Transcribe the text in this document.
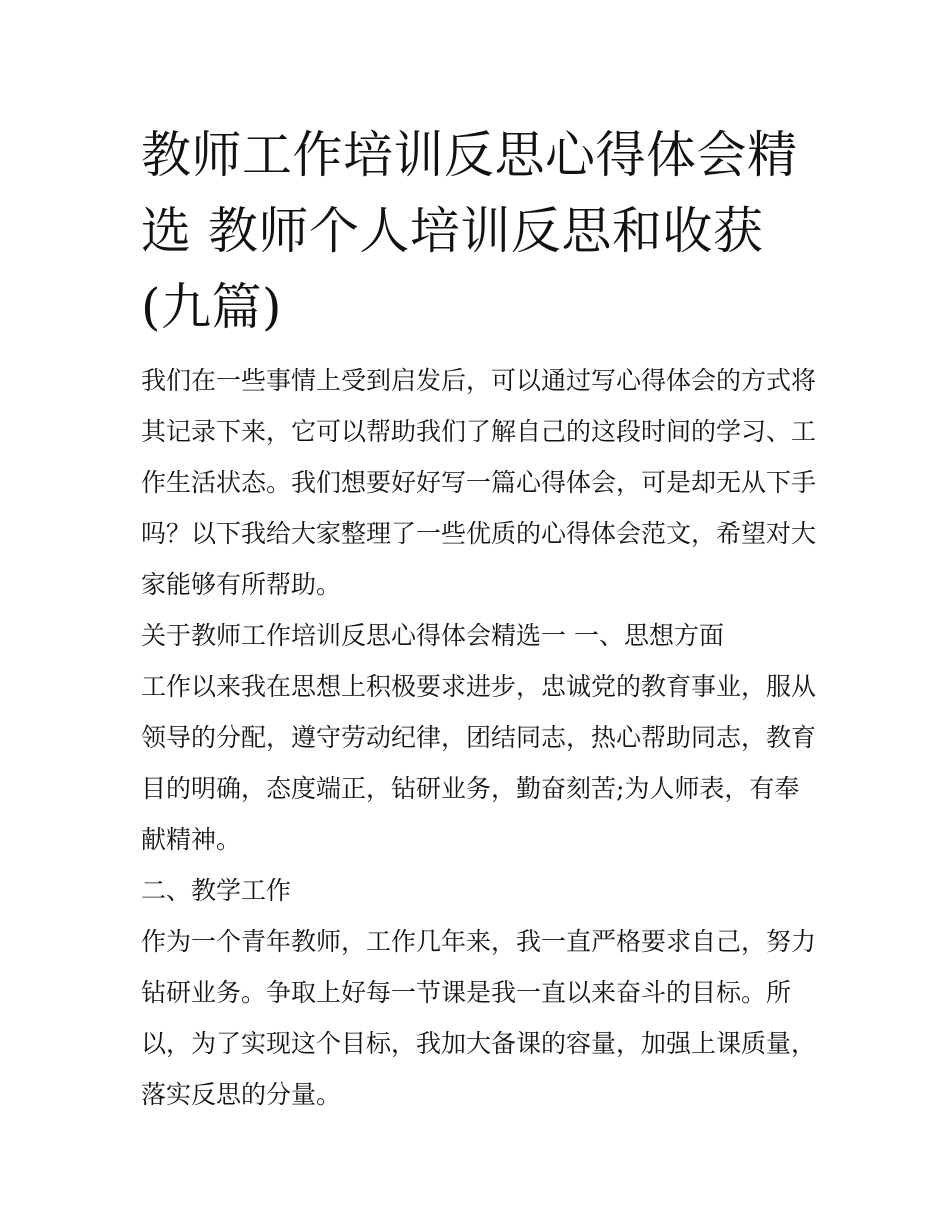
教师工作培训反思心得体会精选 教师个人培训反思和收获(九篇)

我们在一些事情上受到启发后，可以通过写心得体会的方式将其记录下来，它可以帮助我们了解自己的这段时间的学习、工作生活状态。我们想要好好写一篇心得体会，可是却无从下手吗？以下我给大家整理了一些优质的心得体会范文，希望对大家能够有所帮助。

关于教师工作培训反思心得体会精选一 一、思想方面

工作以来我在思想上积极要求进步，忠诚党的教育事业，服从领导的分配，遵守劳动纪律，团结同志，热心帮助同志，教育目的明确，态度端正，钻研业务，勤奋刻苦;为人师表，有奉献精神。

二、教学工作

作为一个青年教师，工作几年来，我一直严格要求自己，努力钻研业务。争取上好每一节课是我一直以来奋斗的目标。所以，为了实现这个目标，我加大备课的容量，加强上课质量，落实反思的分量。
